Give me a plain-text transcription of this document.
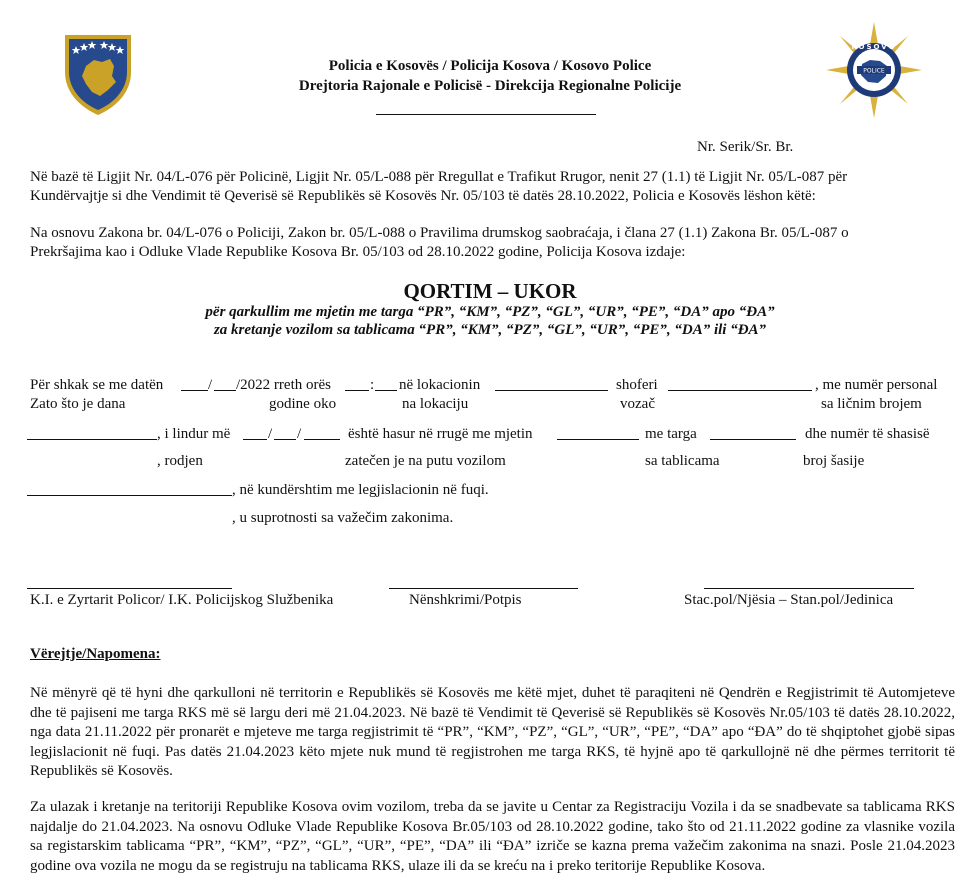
POLICE
KOSOVO
Policia e Kosovës / Policija Kosova / Kosovo Police
Drejtoria Rajonale e Policisë - Direkcija Regionalne Policije
Nr. Serik/Sr. Br.
Në bazë të Ligjit Nr. 04/L-076 për Policinë, Ligjit Nr. 05/L-088 për Rregullat e Trafikut Rrugor, nenit 27 (1.1) të Ligjit Nr. 05/L-087 për
Kundërvajtje si dhe Vendimit të Qeverisë së Republikës së Kosovës Nr. 05/103 të datës 28.10.2022, Policia e Kosovës lëshon këtë:
Na osnovu Zakona br. 04/L-076 o Policiji, Zakon br. 05/L-088 o Pravilima drumskog saobraćaja, i člana 27 (1.1) Zakona Br. 05/L-087 o
Prekršajima kao i Odluke Vlade Republike Kosova Br. 05/103 od 28.10.2022 godine, Policija Kosova izdaje:
QORTIM – UKOR
për qarkullim me mjetin me targa “PR”, “KM”, “PZ”, “GL”, “UR”, “PE”, “DA” apo “ĐA”
za kretanje vozilom sa tablicama “PR”, “KM”, “PZ”, “GL”, “UR”, “PE”, “DA” ili “ĐA”
Për shkak se me datën	/ /2022 rreth orës	: në lokacionin	shoferi	, me numër personal
Zato što je dana	godine oko	na lokaciju	vozač	sa ličnim brojem
, i lindur më	/ /	është hasur në rrugë me mjetin	me targa	dhe numër të shasisë
, rodjen	zatečen je na putu vozilom	sa tablicama	broj šasije
, në kundërshtim me legjislacionin në fuqi.
, u suprotnosti sa važečim zakonima.
K.I. e Zyrtarit Policor/ I.K. Policijskog Službenika	Nënshkrimi/Potpis	Stac.pol/Njësia – Stan.pol/Jedinica
Vërejtje/Napomena:

Në mënyrë që të hyni dhe qarkulloni në territorin e Republikës së Kosovës me këtë mjet, duhet të paraqiteni në Qendrën e Regjistrimit të Automjeteve dhe të pajiseni me targa RKS më së largu deri më 21.04.2023. Në bazë të Vendimit të Qeverisë së Republikës së Kosovës Nr.05/103 të datës 28.10.2022, nga data 21.11.2022 për pronarët e mjeteve me targa regjistrimit të “PR”, “KM”, “PZ”, “GL”, “UR”, “PE”, “DA” apo “ĐA” do të shqiptohet gjobë sipas legjislacionit në fuqi. Pas datës 21.04.2023 këto mjete nuk mund të regjistrohen me targa RKS, të hyjnë apo të qarkullojnë në dhe përmes territorit të Republikës së Kosovës.

Za ulazak i kretanje na teritoriji Republike Kosova ovim vozilom, treba da se javite u Centar za Registraciju Vozila i da se snadbevate sa tablicama RKS najdalje do 21.04.2023. Na osnovu Odluke Vlade Republike Kosova Br.05/103 od 28.10.2022 godine, tako što od 21.11.2022 godine za vlasnike vozila sa registarskim tablicama “PR”, “KM”, “PZ”, “GL”, “UR”, “PE”, “DA” ili “ĐA” izriče se kazna prema važečim zakonima na snazi. Posle 21.04.2023 godine ova vozila ne mogu da se registruju na tablicama RKS, ulaze ili da se kreću na i preko teritorije Republike Kosova.
